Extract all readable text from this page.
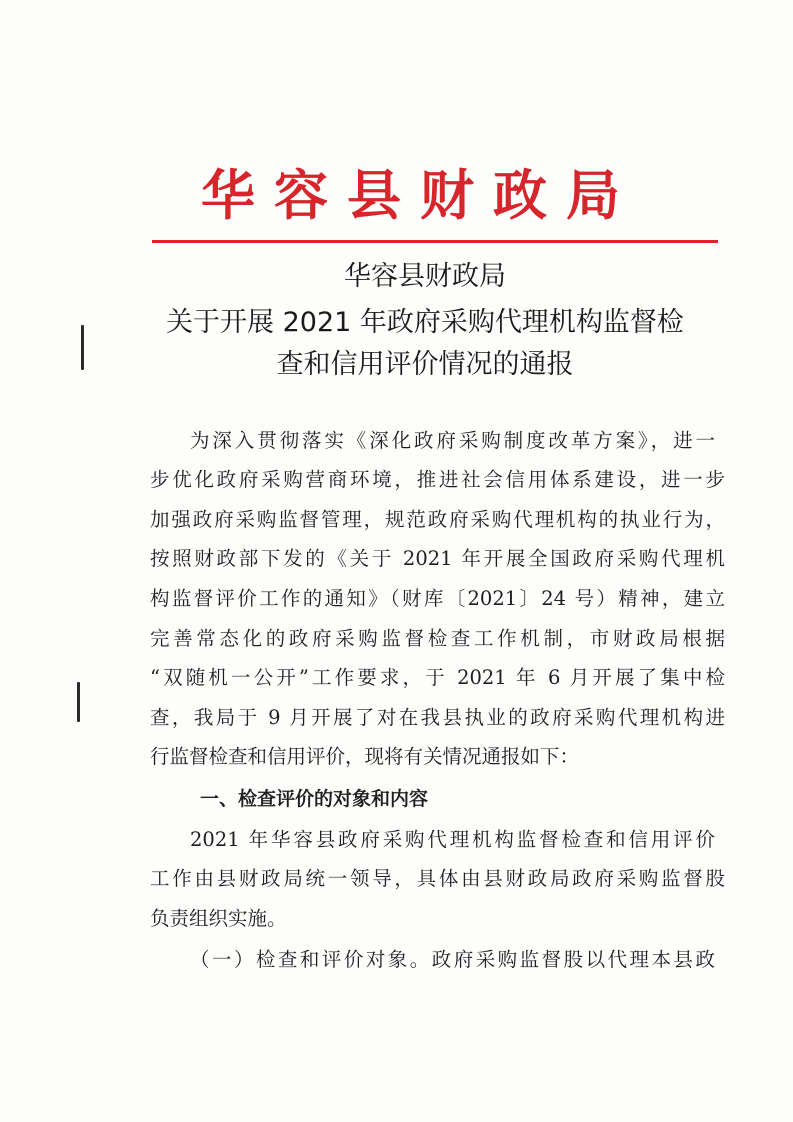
华容县财政局
华容县财政局
关于开展 2021 年政府采购代理机构监督检
查和信用评价情况的通报
为深入贯彻落实《深化政府采购制度改革方案》，进一
步优化政府采购营商环境，推进社会信用体系建设，进一步
加强政府采购监督管理，规范政府采购代理机构的执业行为，
按照财政部下发的《关于 2021 年开展全国政府采购代理机
构监督评价工作的通知》（财库〔2021〕24 号）精神，建立
完善常态化的政府采购监督检查工作机制，市财政局根据
“双随机一公开”工作要求，于 2021 年 6 月开展了集中检
查，我局于 9 月开展了对在我县执业的政府采购代理机构进
行监督检查和信用评价，现将有关情况通报如下：
一、检查评价的对象和内容
2021 年华容县政府采购代理机构监督检查和信用评价
工作由县财政局统一领导，具体由县财政局政府采购监督股
负责组织实施。
（一）检查和评价对象。政府采购监督股以代理本县政
